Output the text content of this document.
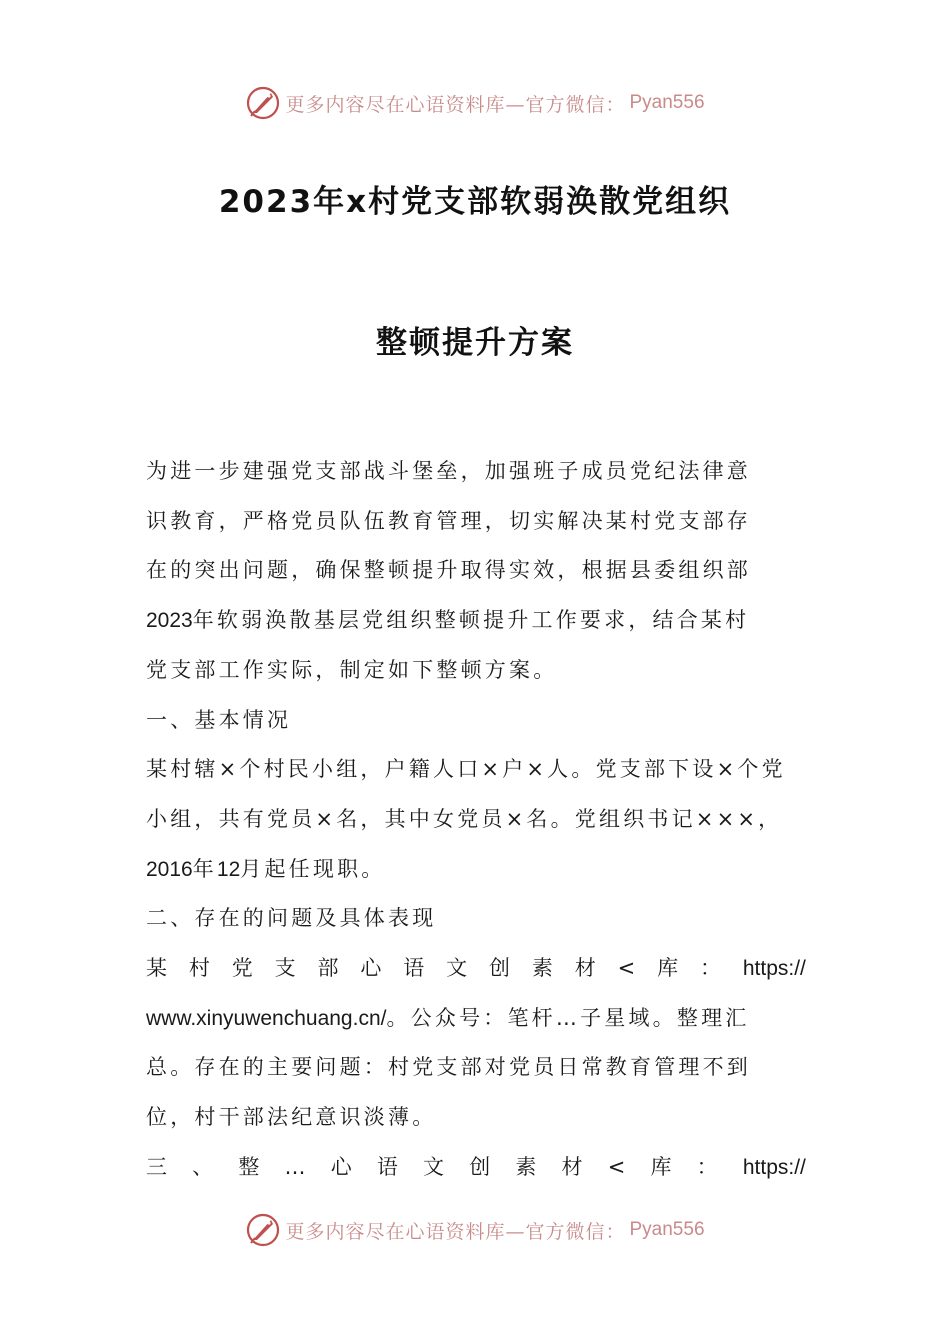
更多内容尽在心语资料库—官方微信： Pyan556
2023年x村党支部软弱涣散党组织
整顿提升方案
为进一步建强党支部战斗堡垒，加强班子成员党纪法律意
识教育，严格党员队伍教育管理，切实解决某村党支部存
在的突出问题，确保整顿提升取得实效，根据县委组织部
2023年软弱涣散基层党组织整顿提升工作要求，结合某村
党支部工作实际，制定如下整顿方案。
一、基本情况
某村辖×个村民小组，户籍人口×户×人。党支部下设×个党
小组，共有党员×名，其中女党员×名。党组织书记×××，
2016年12月起任现职。
二、存在的问题及具体表现
某 村 党 支 部 心 语 文 创 素 材 < 库 ： https://
www.xinyuwenchuang.cn/。公众号：笔杆…子星域。整理汇
总。存在的主要问题：村党支部对党员日常教育管理不到
位，村干部法纪意识淡薄。
三 、 整 … 心 语 文 创 素 材 < 库 ： https://
更多内容尽在心语资料库—官方微信： Pyan556
